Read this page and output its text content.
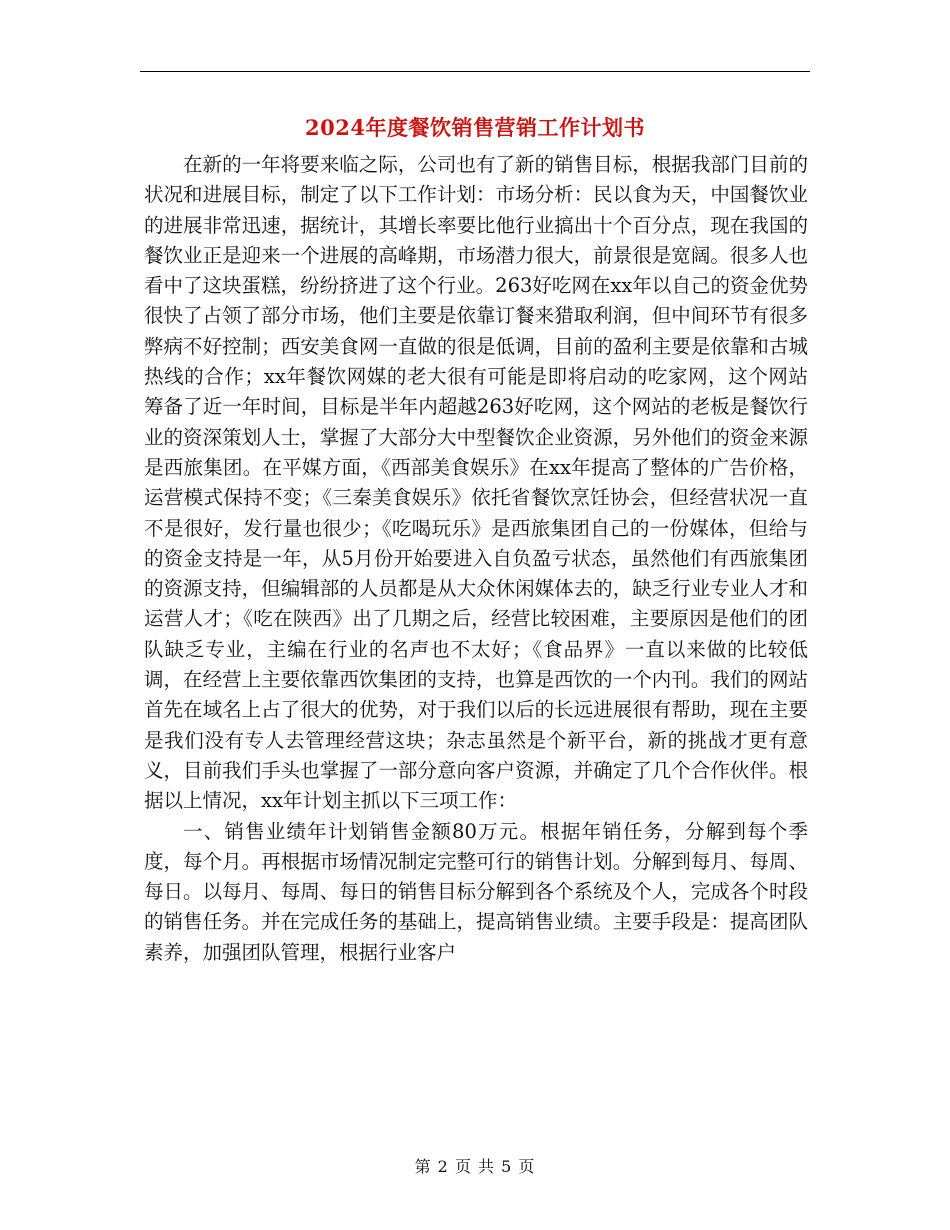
2024年度餐饮销售营销工作计划书

在新的一年将要来临之际，公司也有了新的销售目标，根据我部门目前的状况和进展目标，制定了以下工作计划：市场分析：民以食为天，中国餐饮业的进展非常迅速，据统计，其增长率要比他行业搞出十个百分点，现在我国的餐饮业正是迎来一个进展的高峰期，市场潜力很大，前景很是宽阔。很多人也看中了这块蛋糕，纷纷挤进了这个行业。263好吃网在xx年以自己的资金优势很快了占领了部分市场，他们主要是依靠订餐来猎取利润，但中间环节有很多弊病不好控制；西安美食网一直做的很是低调，目前的盈利主要是依靠和古城热线的合作；xx年餐饮网媒的老大很有可能是即将启动的吃家网，这个网站筹备了近一年时间，目标是半年内超越263好吃网，这个网站的老板是餐饮行业的资深策划人士，掌握了大部分大中型餐饮企业资源，另外他们的资金来源是西旅集团。在平媒方面，《西部美食娱乐》在xx年提高了整体的广告价格，运营模式保持不变；《三秦美食娱乐》依托省餐饮烹饪协会，但经营状况一直不是很好，发行量也很少；《吃喝玩乐》是西旅集团自己的一份媒体，但给与的资金支持是一年，从5月份开始要进入自负盈亏状态，虽然他们有西旅集团的资源支持，但编辑部的人员都是从大众休闲媒体去的，缺乏行业专业人才和运营人才；《吃在陕西》出了几期之后，经营比较困难，主要原因是他们的团队缺乏专业，主编在行业的名声也不太好；《食品界》一直以来做的比较低调，在经营上主要依靠西饮集团的支持，也算是西饮的一个内刊。我们的网站首先在域名上占了很大的优势，对于我们以后的长远进展很有帮助，现在主要是我们没有专人去管理经营这块；杂志虽然是个新平台，新的挑战才更有意义，目前我们手头也掌握了一部分意向客户资源，并确定了几个合作伙伴。根据以上情况，xx年计划主抓以下三项工作：

一、销售业绩年计划销售金额80万元。根据年销任务，分解到每个季度，每个月。再根据市场情况制定完整可行的销售计划。分解到每月、每周、每日。以每月、每周、每日的销售目标分解到各个系统及个人，完成各个时段的销售任务。并在完成任务的基础上，提高销售业绩。主要手段是：提高团队素养，加强团队管理，根据行业客户

第 2 页 共 5 页
